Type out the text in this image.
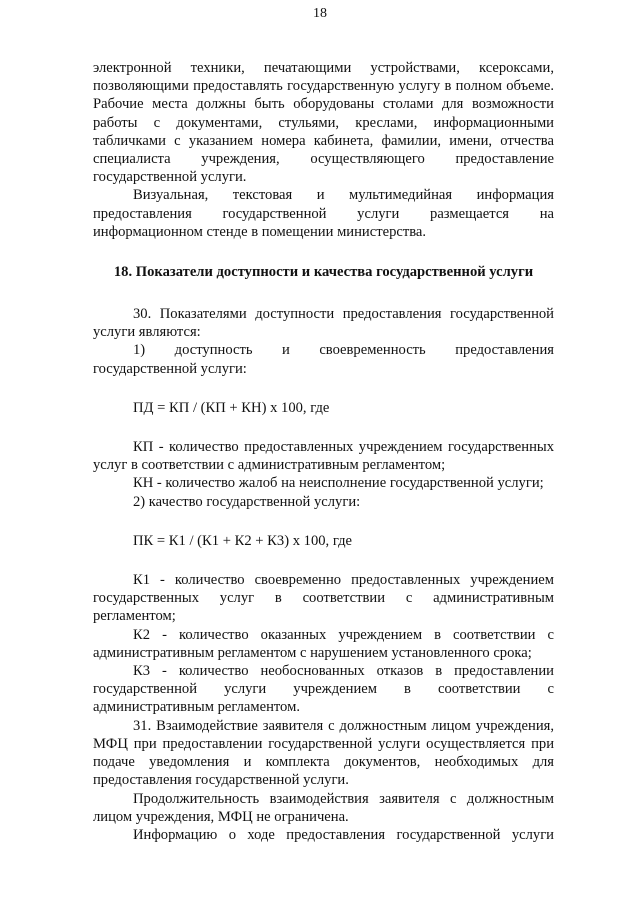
18

электронной техники, печатающими устройствами, ксероксами, позволяющими предоставлять государственную услугу в полном объеме. Рабочие места должны быть оборудованы столами для возможности работы с документами, стульями, креслами, информационными табличками с указанием номера кабинета, фамилии, имени, отчества специалиста учреждения, осуществляющего предоставление государственной услуги.

Визуальная, текстовая и мультимедийная информация предоставления государственной услуги размещается на информационном стенде в помещении министерства.

18. Показатели доступности и качества государственной услуги

30. Показателями доступности предоставления государственной услуги являются:

1) доступность и своевременность предоставления государственной услуги:

ПД = КП / (КП + КН) х 100, где

КП - количество предоставленных учреждением государственных услуг в соответствии с административным регламентом;

КН - количество жалоб на неисполнение государственной услуги;

2) качество государственной услуги:

ПК = К1 / (К1 + К2 + К3) х 100, где

К1 - количество своевременно предоставленных учреждением государственных услуг в соответствии с административным регламентом;

К2 - количество оказанных учреждением в соответствии с административным регламентом с нарушением установленного срока;

К3 - количество необоснованных отказов в предоставлении государственной услуги учреждением в соответствии с административным регламентом.

31. Взаимодействие заявителя с должностным лицом учреждения, МФЦ при предоставлении государственной услуги осуществляется при подаче уведомления и комплекта документов, необходимых для предоставления государственной услуги.

Продолжительность взаимодействия заявителя с должностным лицом учреждения, МФЦ не ограничена.

Информацию о ходе предоставления государственной услуги
